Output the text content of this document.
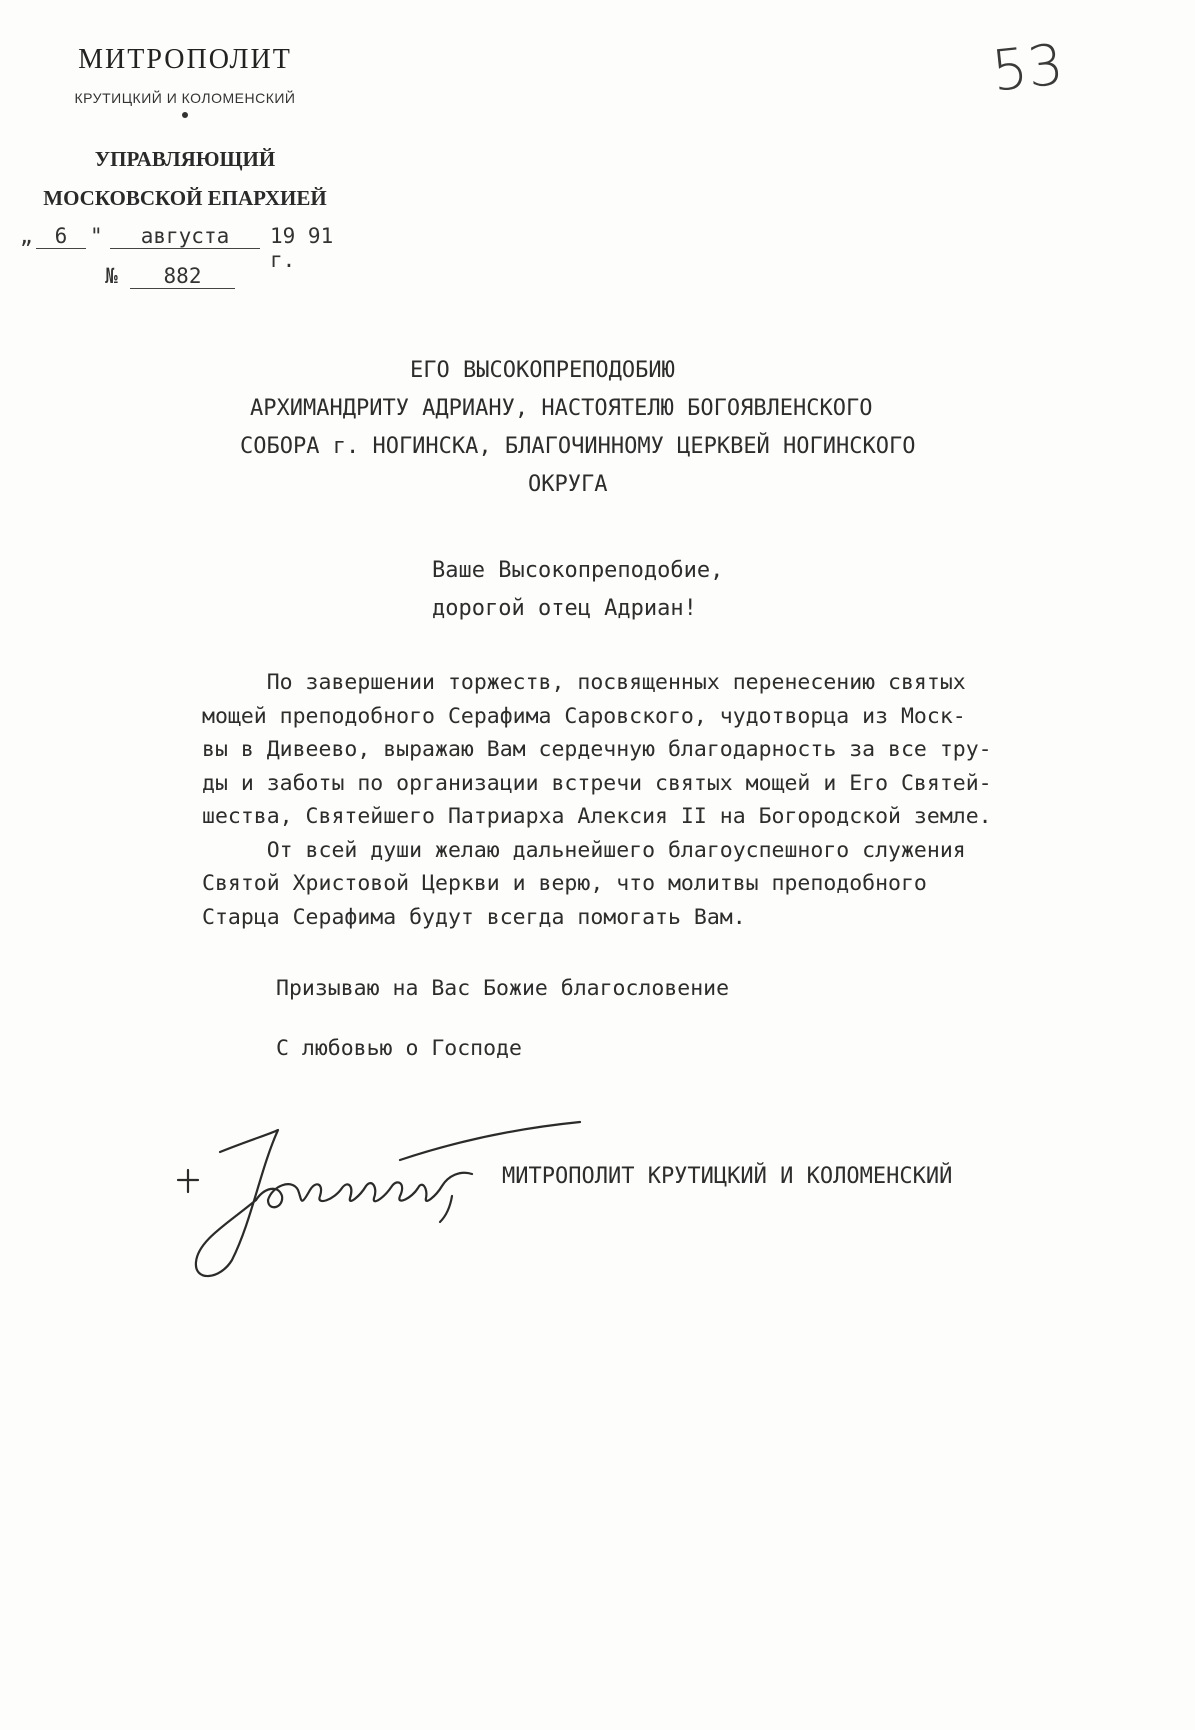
53
МИТРОПОЛИТ
КРУТИЦКИЙ И КОЛОМЕНСКИЙ
УПРАВЛЯЮЩИЙ
МОСКОВСКОЙ ЕПАРХИЕЙ
„	6	"	августа	19 91 г.
№	882
ЕГО ВЫСОКОПРЕПОДОБИЮ
АРХИМАНДРИТУ АДРИАНУ, НАСТОЯТЕЛЮ БОГОЯВЛЕНСКОГО
СОБОРА г. НОГИНСКА, БЛАГОЧИННОМУ ЦЕРКВЕЙ НОГИНСКОГО
ОКРУГА
Ваше Высокопреподобие,
дорогой отец Адриан!
По завершении торжеств, посвященных перенесению святых
мощей преподобного Серафима Саровского, чудотворца из Моск-
вы в Дивеево, выражаю Вам сердечную благодарность за все тру-
ды и заботы по организации встречи святых мощей и Его Святей-
шества, Святейшего Патриарха Алексия II на Богородской земле.
От всей души желаю дальнейшего благоуспешного служения
Святой Христовой Церкви и верю, что молитвы преподобного
Старца Серафима будут всегда помогать Вам.
Призываю на Вас Божие благословение
С любовью о Господе
МИТРОПОЛИТ КРУТИЦКИЙ И КОЛОМЕНСКИЙ
